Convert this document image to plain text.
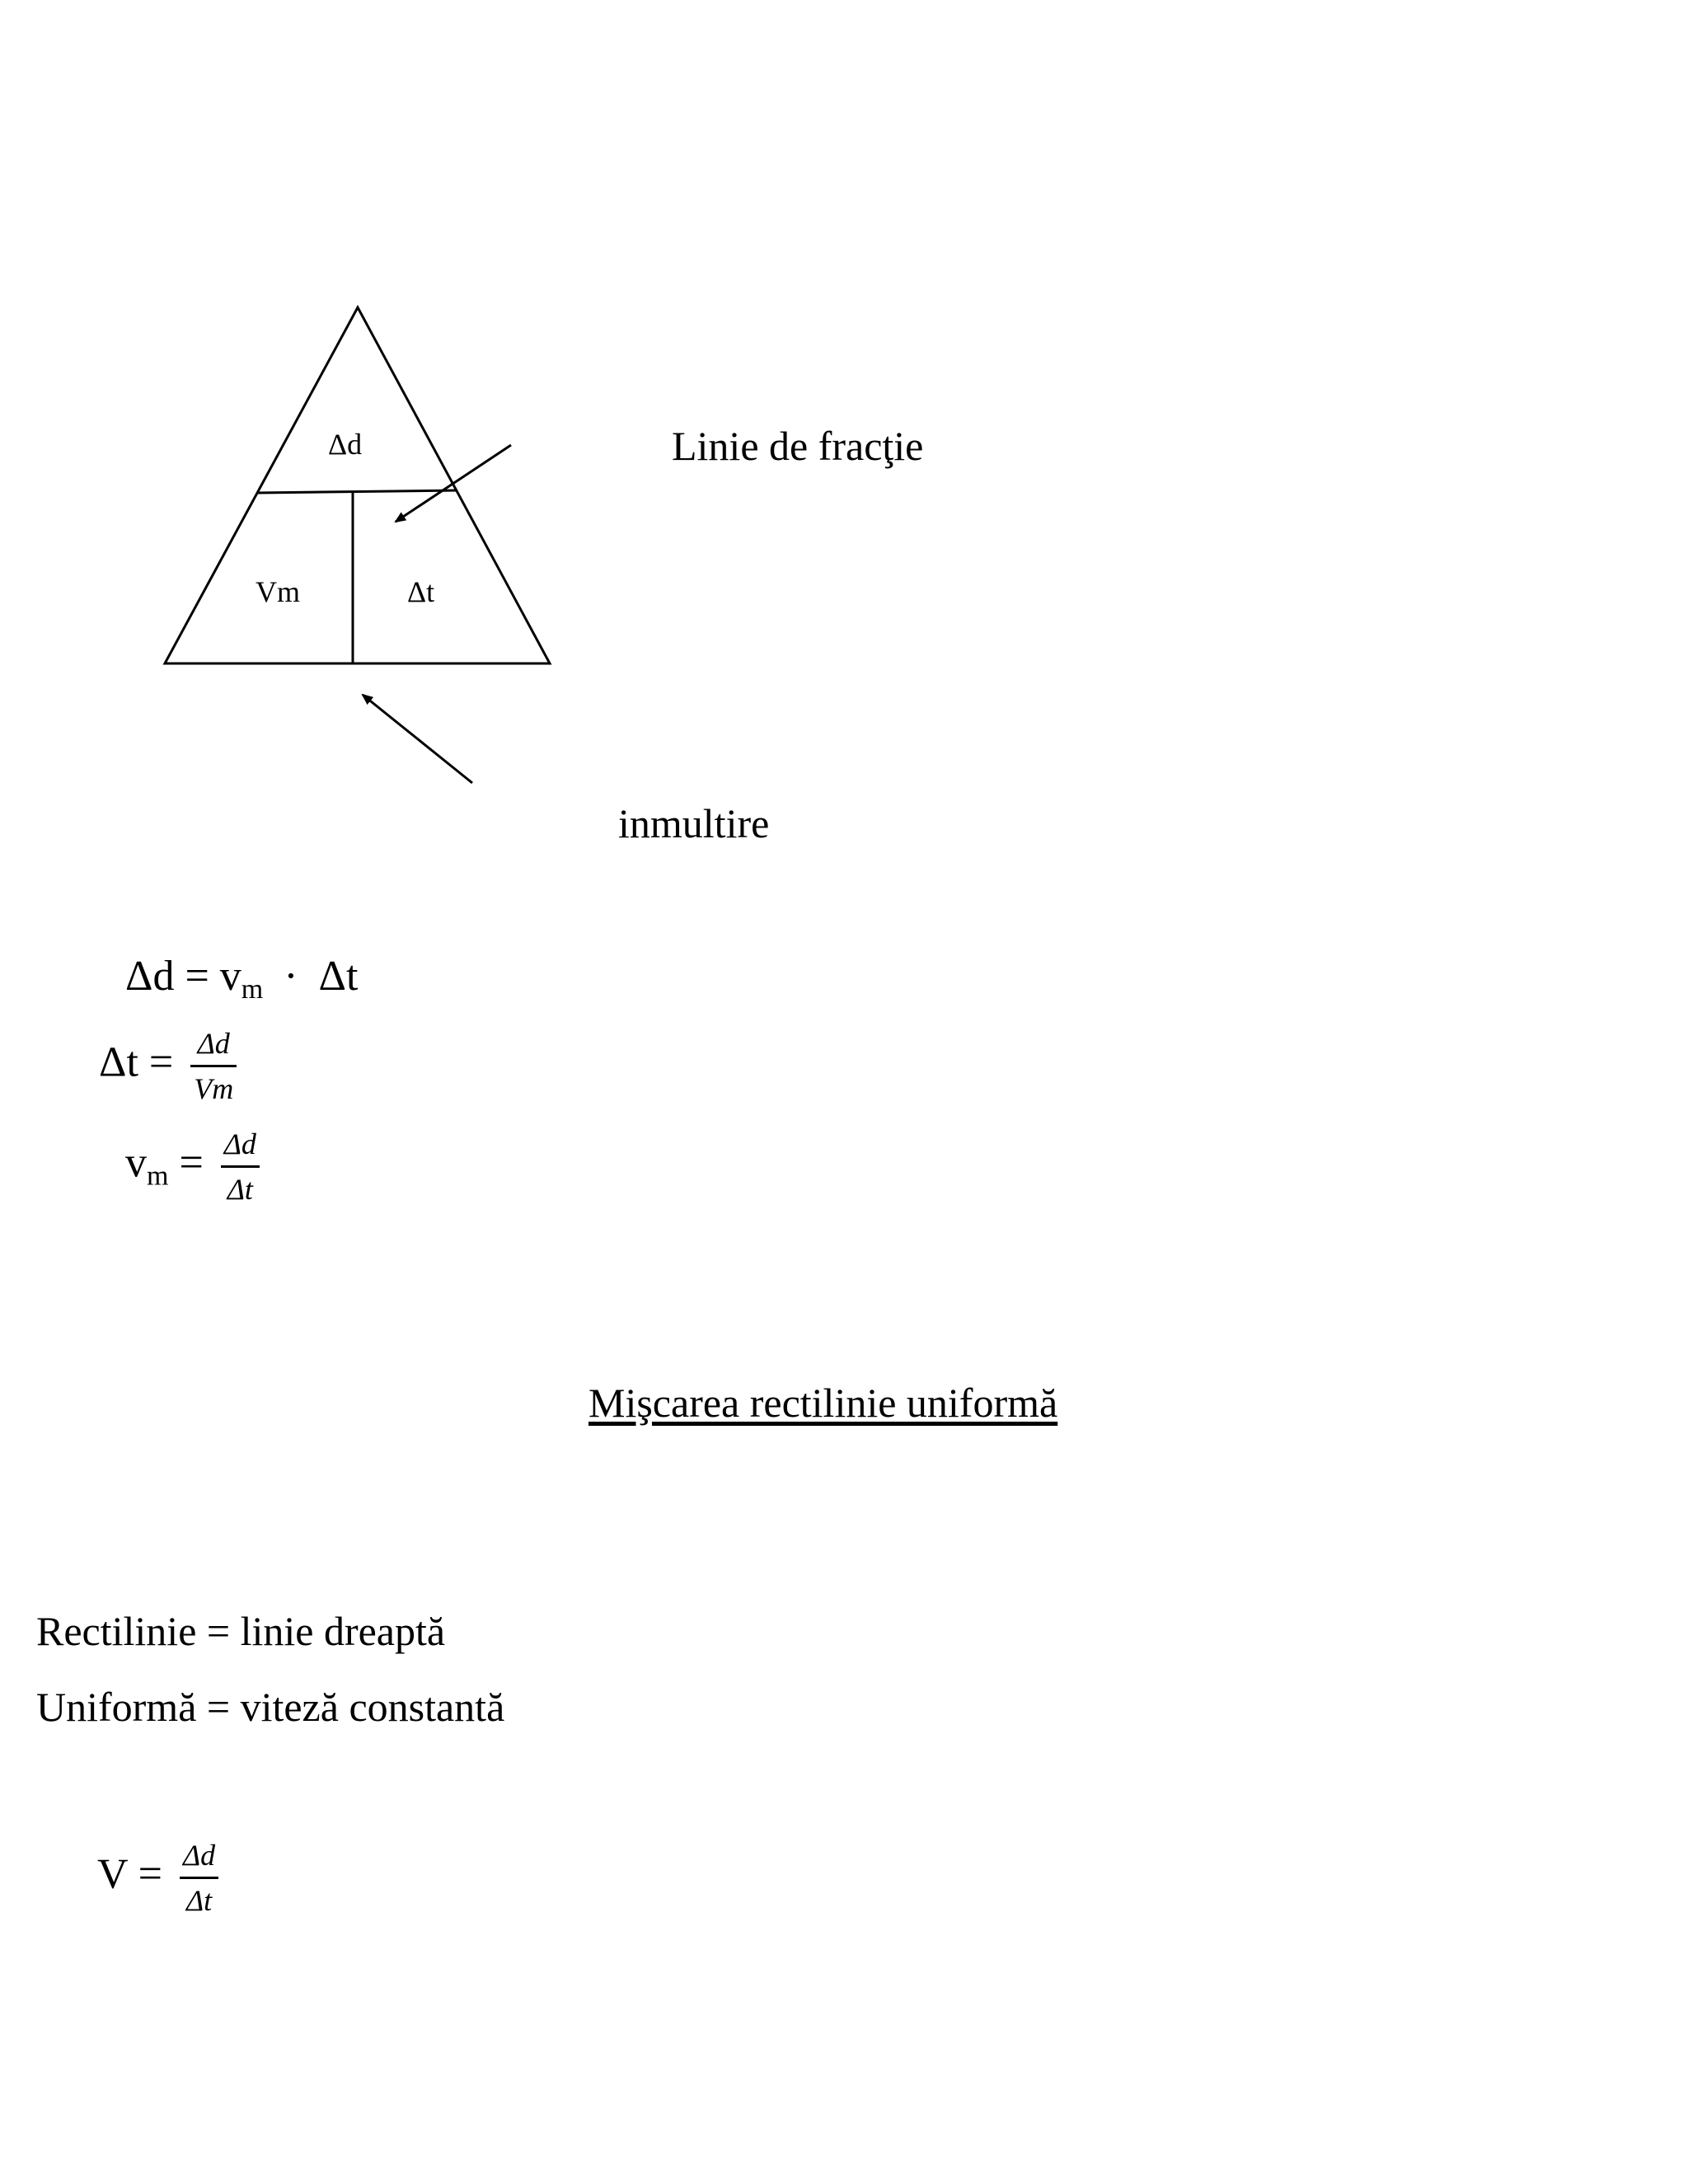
Δd
Vm	Δt
Linie de fracţie
inmultire
$\Delta d = v_m \cdot \Delta t$
$\Delta t = \frac{\Delta d}{Vm}$
$v_m = \frac{\Delta d}{\Delta t}$
Mişcarea rectilinie uniformă
Rectilinie = linie dreaptă
Uniformă = viteză constantă
$V = \frac{\Delta d}{\Delta t}$
